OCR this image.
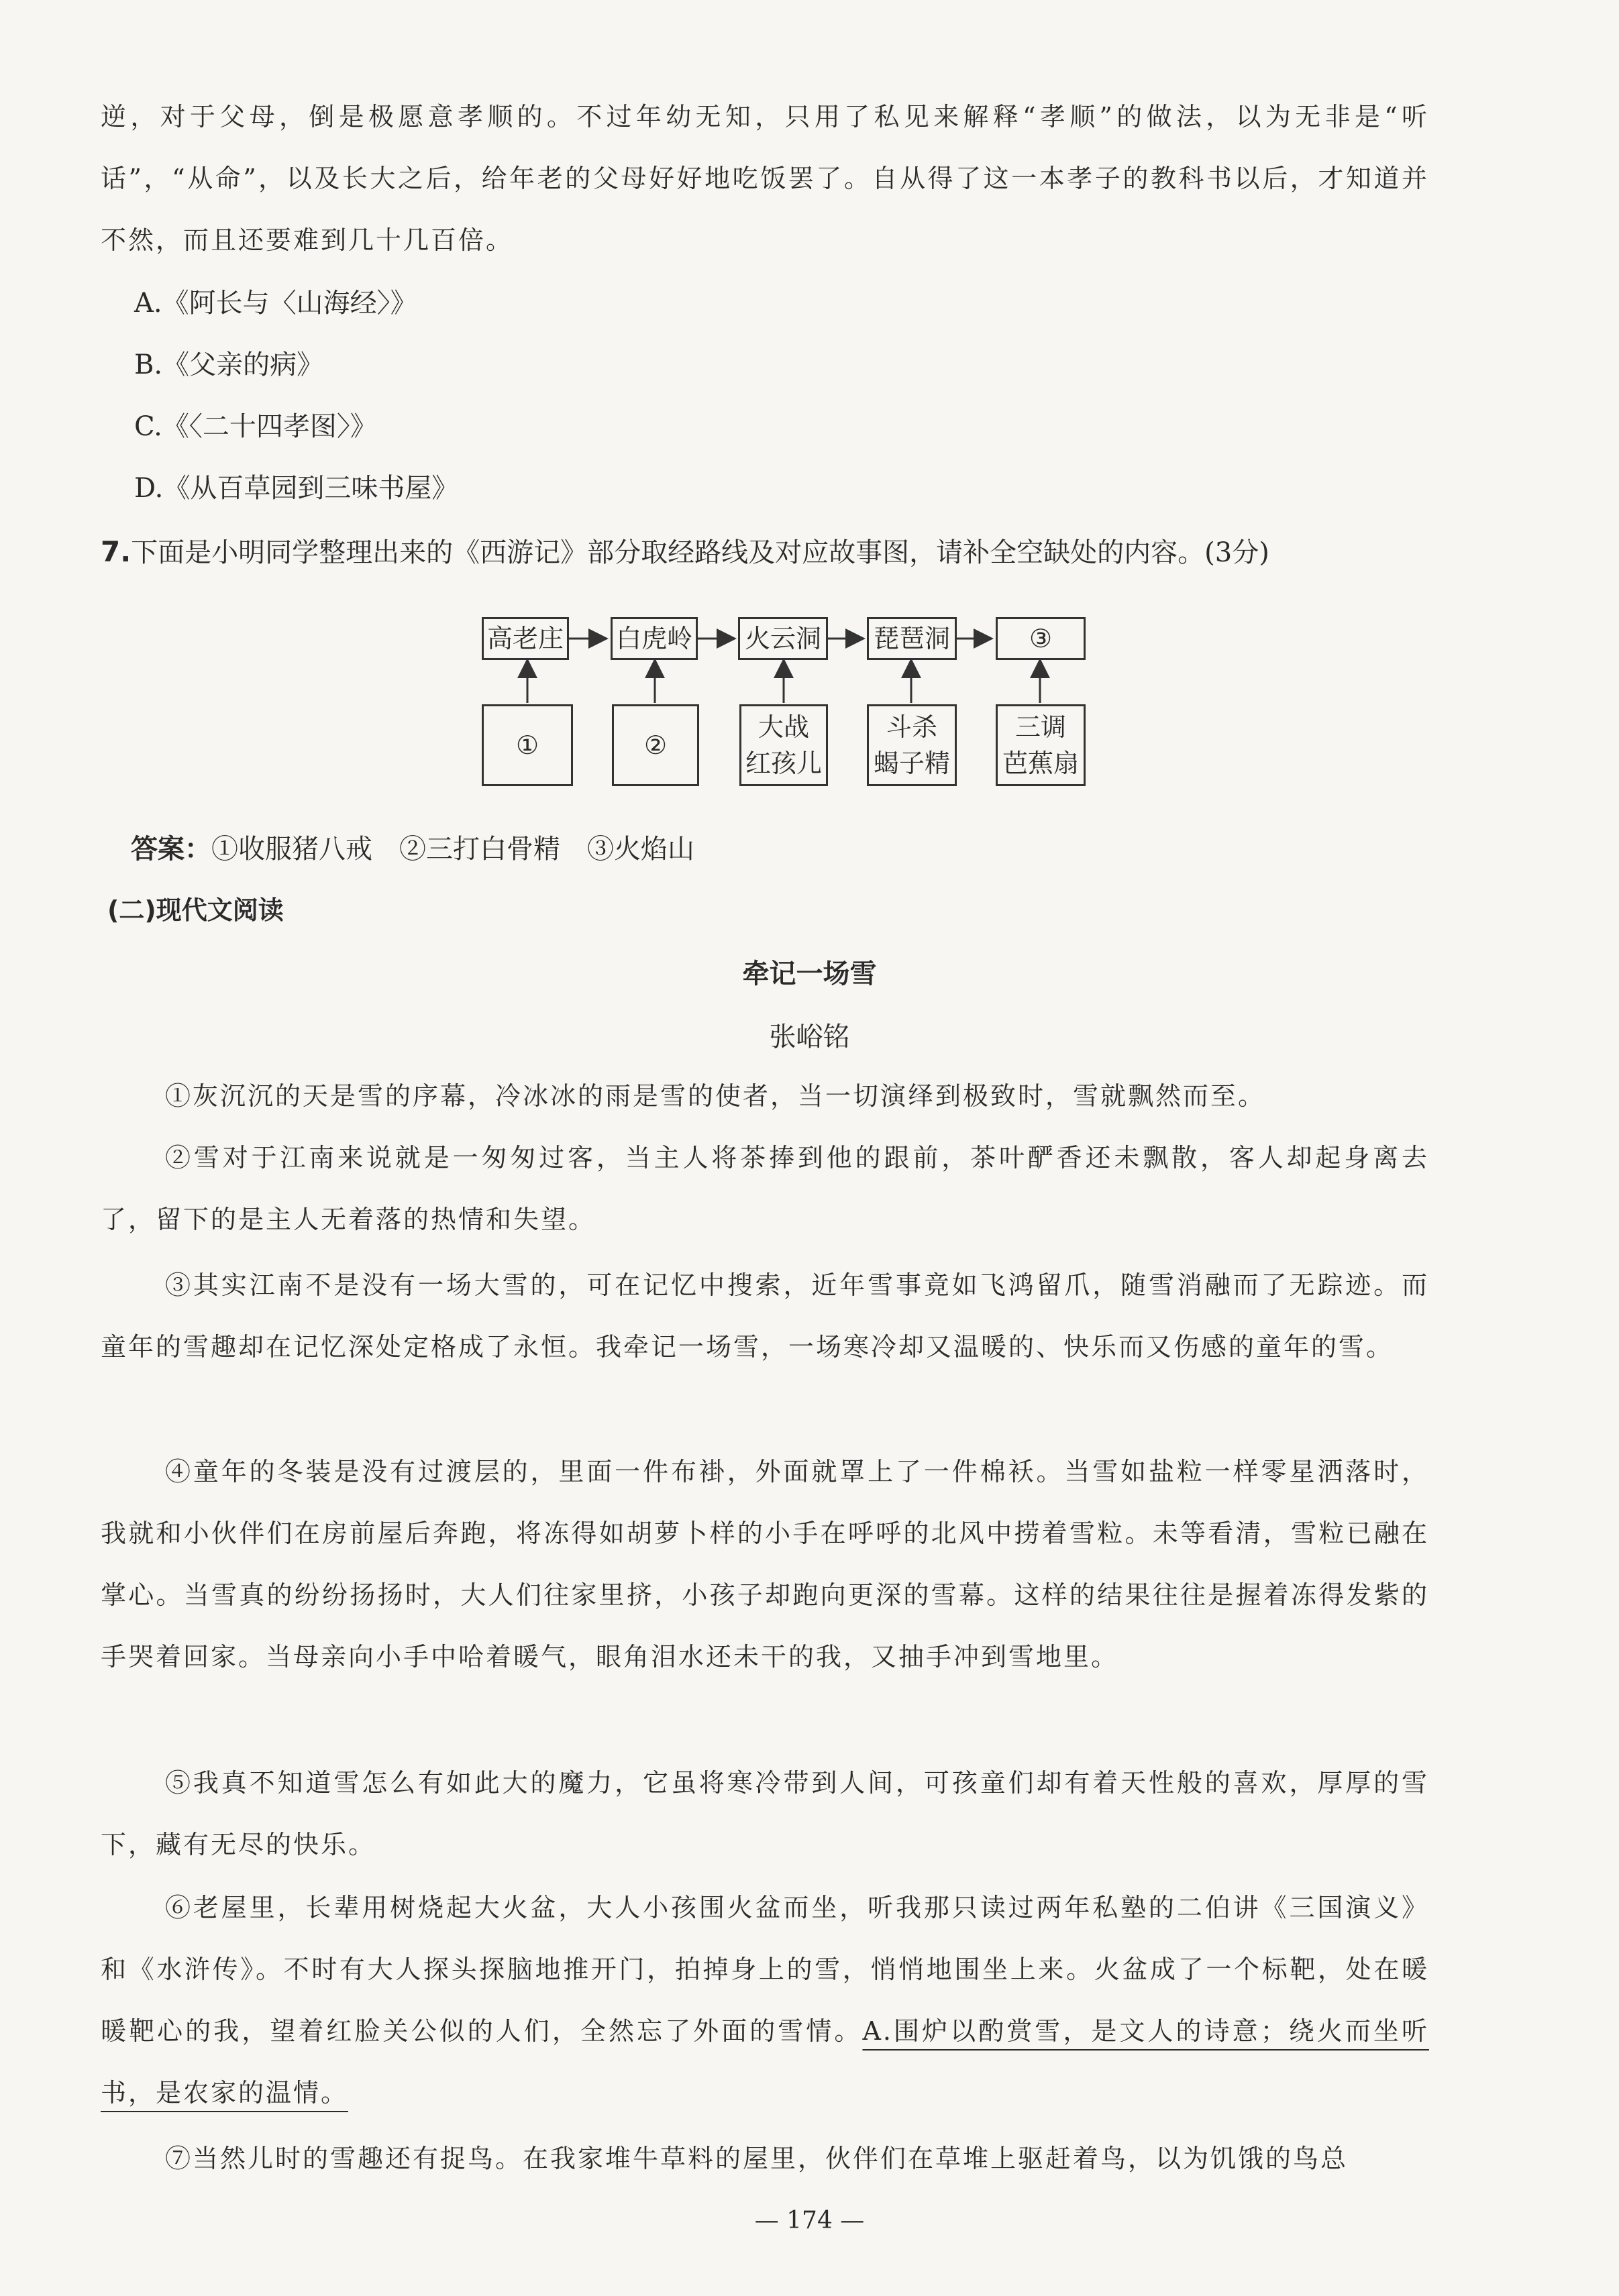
逆，对于父母，倒是极愿意孝顺的。不过年幼无知，只用了私见来解释“孝顺”的做法，以为无非是“听话”，“从命”，以及长大之后，给年老的父母好好地吃饭罢了。自从得了这一本孝子的教科书以后，才知道并不然，而且还要难到几十几百倍。

A.《阿长与〈山海经〉》

B.《父亲的病》

C.《〈二十四孝图〉》

D.《从百草园到三味书屋》

7.下面是小明同学整理出来的《西游记》部分取经路线及对应故事图，请补全空缺处的内容。(3分)

高老庄 白虎岭 火云洞 琵琶洞	③
①	②
大战
红孩儿
斗杀
蝎子精
三调
芭蕉扇

答案：①收服猪八戒　②三打白骨精　③火焰山

(二)现代文阅读

牵记一场雪

张峪铭

①灰沉沉的天是雪的序幕，冷冰冰的雨是雪的使者，当一切演绎到极致时，雪就飘然而至。

②雪对于江南来说就是一匆匆过客，当主人将茶捧到他的跟前，茶叶酽香还未飘散，客人却起身离去了，留下的是主人无着落的热情和失望。

③其实江南不是没有一场大雪的，可在记忆中搜索，近年雪事竟如飞鸿留爪，随雪消融而了无踪迹。而童年的雪趣却在记忆深处定格成了永恒。我牵记一场雪，一场寒冷却又温暖的、快乐而又伤感的童年的雪。

④童年的冬装是没有过渡层的，里面一件布褂，外面就罩上了一件棉袄。当雪如盐粒一样零星洒落时，我就和小伙伴们在房前屋后奔跑，将冻得如胡萝卜样的小手在呼呼的北风中捞着雪粒。未等看清，雪粒已融在掌心。当雪真的纷纷扬扬时，大人们往家里挤，小孩子却跑向更深的雪幕。这样的结果往往是握着冻得发紫的手哭着回家。当母亲向小手中哈着暖气，眼角泪水还未干的我，又抽手冲到雪地里。

⑤我真不知道雪怎么有如此大的魔力，它虽将寒冷带到人间，可孩童们却有着天性般的喜欢，厚厚的雪下，藏有无尽的快乐。

⑥老屋里，长辈用树烧起大火盆，大人小孩围火盆而坐，听我那只读过两年私塾的二伯讲《三国演义》和《水浒传》。不时有大人探头探脑地推开门，拍掉身上的雪，悄悄地围坐上来。火盆成了一个标靶，处在暖暖靶心的我，望着红脸关公似的人们，全然忘了外面的雪情。A.围炉以酌赏雪，是文人的诗意；绕火而坐听书，是农家的温情。

⑦当然儿时的雪趣还有捉鸟。在我家堆牛草料的屋里，伙伴们在草堆上驱赶着鸟，以为饥饿的鸟总

— 174 —
